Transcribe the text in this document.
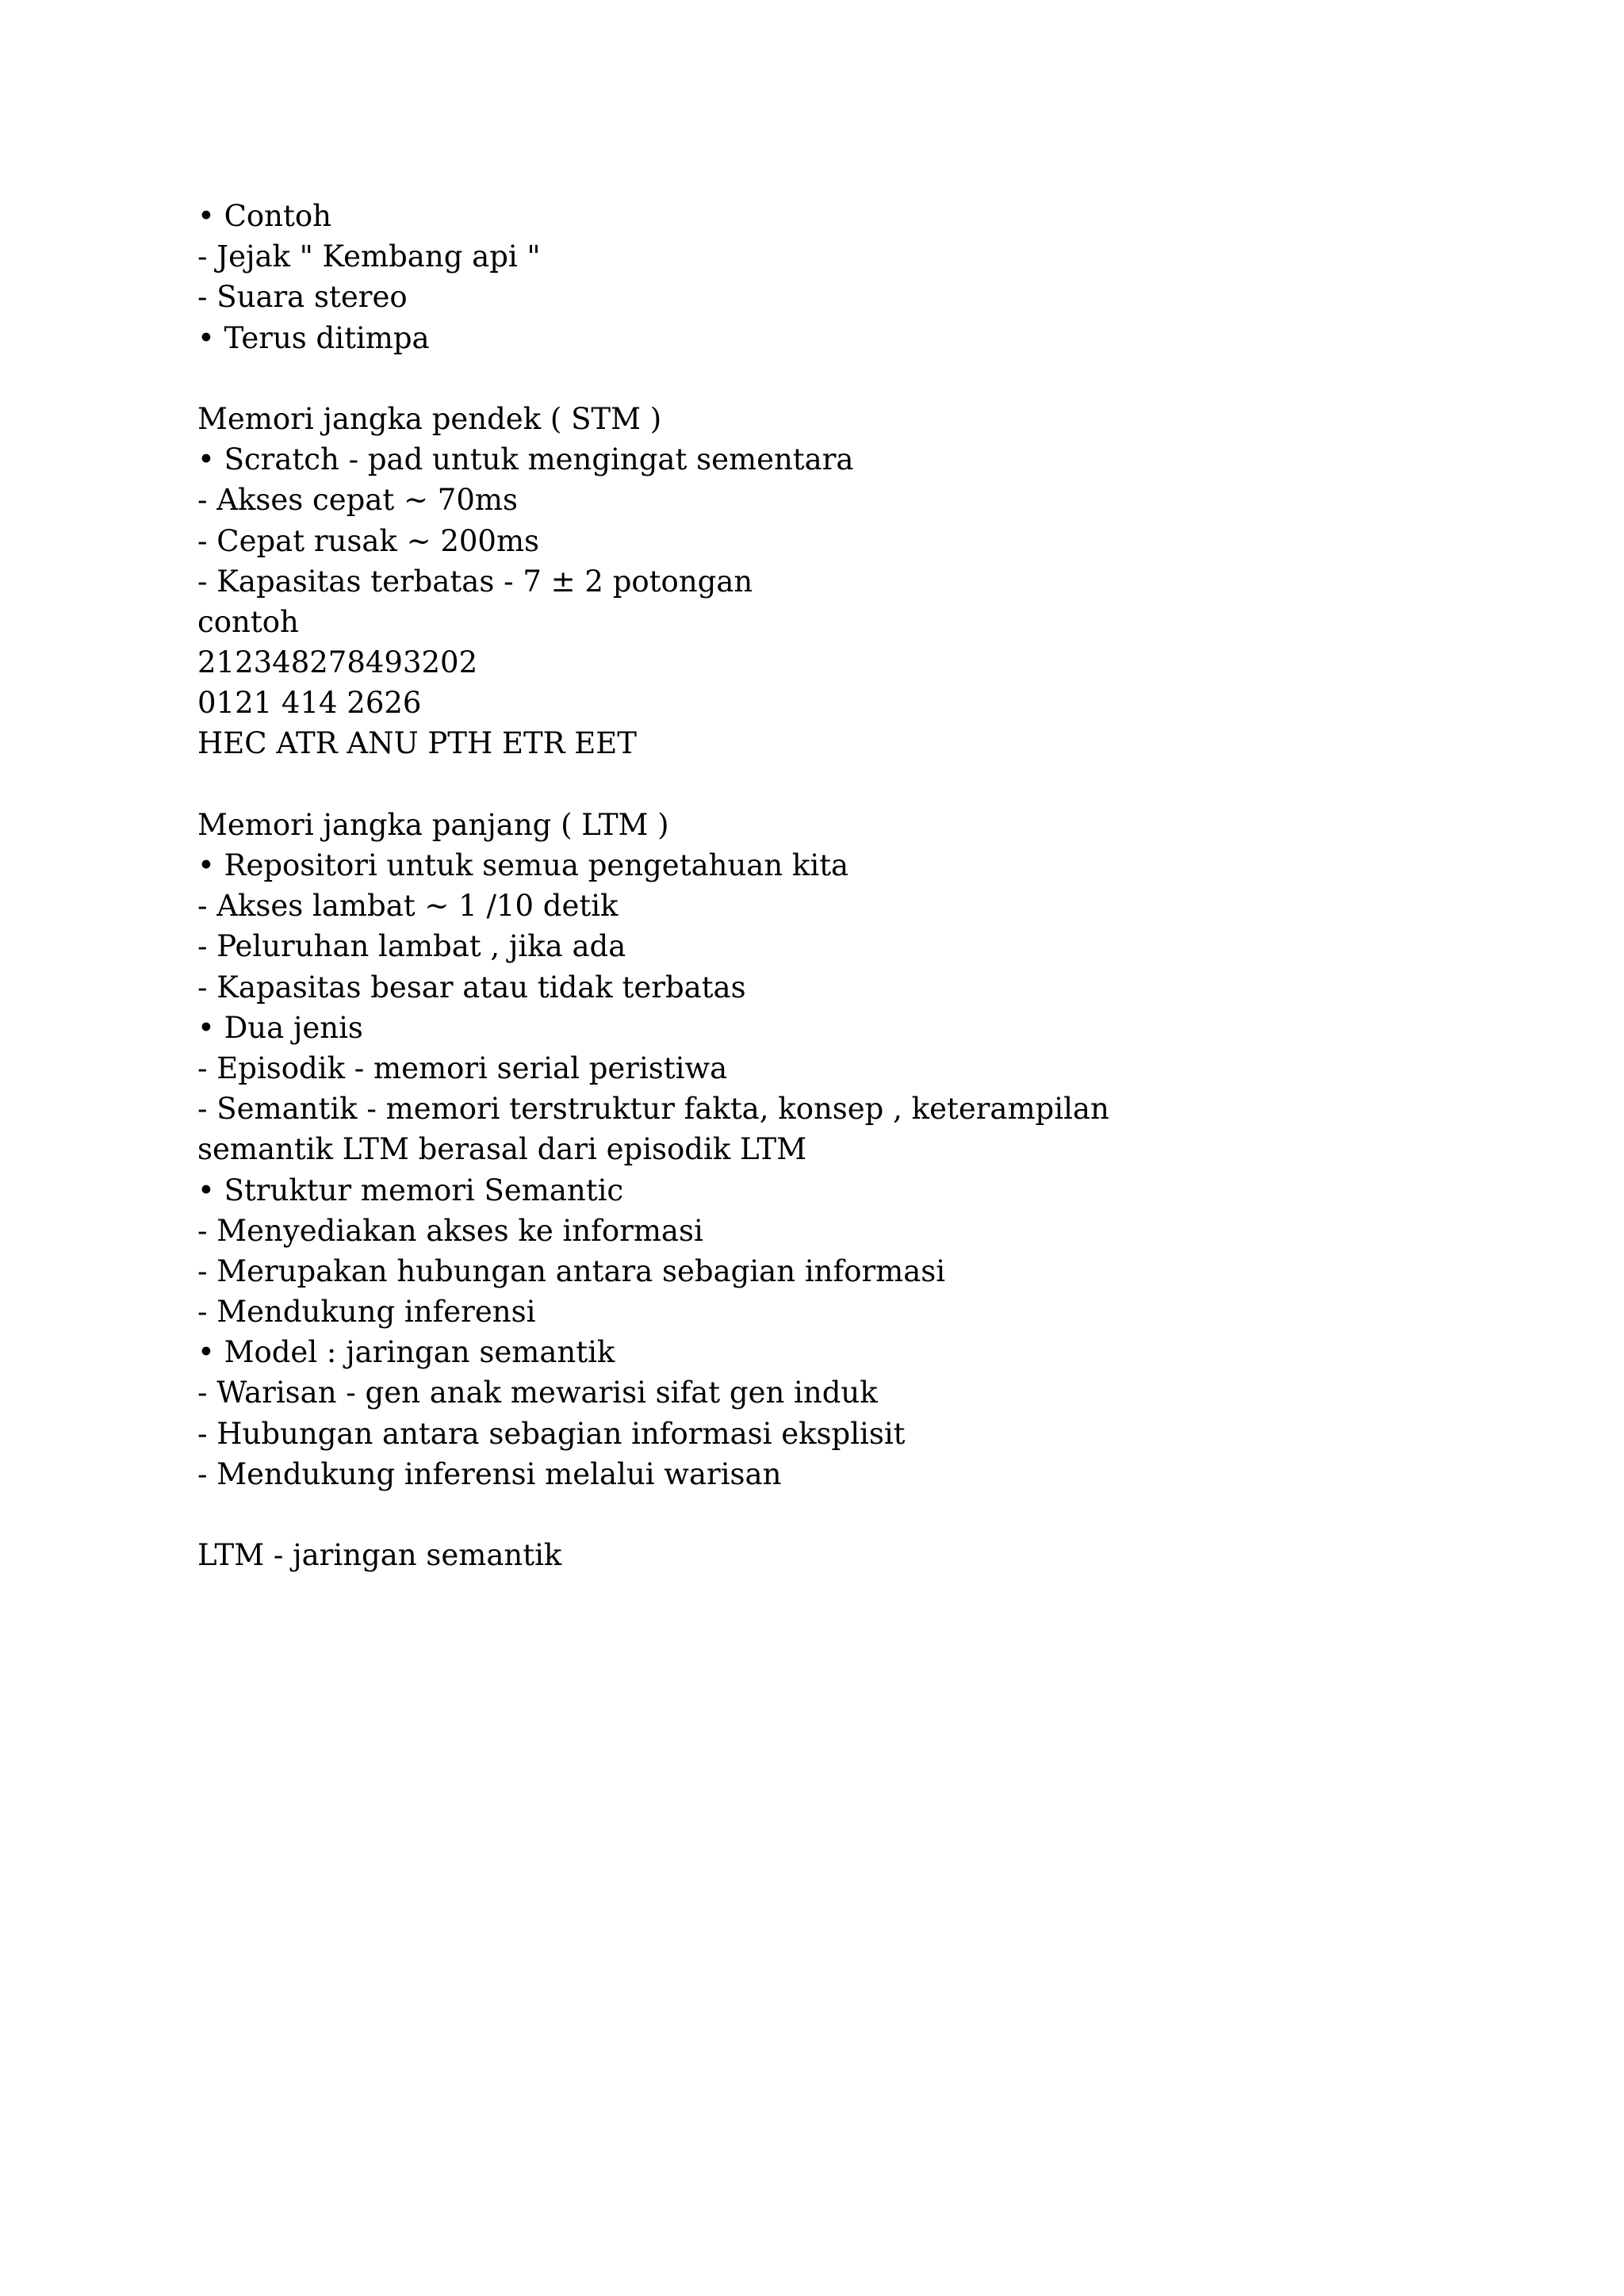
• Contoh
- Jejak " Kembang api "
- Suara stereo
• Terus ditimpa
Memori jangka pendek ( STM )
• Scratch - pad untuk mengingat sementara
- Akses cepat ~ 70ms
- Cepat rusak ~ 200ms
- Kapasitas terbatas - 7 ± 2 potongan
contoh
212348278493202
0121 414 2626
HEC ATR ANU PTH ETR EET
Memori jangka panjang ( LTM )
• Repositori untuk semua pengetahuan kita
- Akses lambat ~ 1 /10 detik
- Peluruhan lambat , jika ada
- Kapasitas besar atau tidak terbatas
• Dua jenis
- Episodik - memori serial peristiwa
- Semantik - memori terstruktur fakta, konsep , keterampilan
semantik LTM berasal dari episodik LTM
• Struktur memori Semantic
- Menyediakan akses ke informasi
- Merupakan hubungan antara sebagian informasi
- Mendukung inferensi
• Model : jaringan semantik
- Warisan - gen anak mewarisi sifat gen induk
- Hubungan antara sebagian informasi eksplisit
- Mendukung inferensi melalui warisan
LTM - jaringan semantik
